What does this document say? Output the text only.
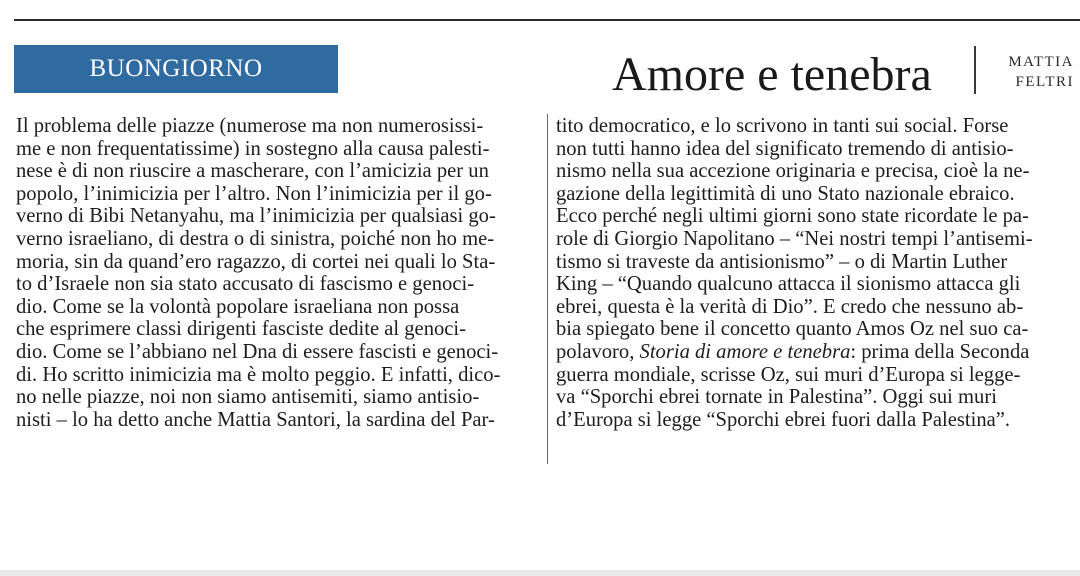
BUONGIORNO	Amore e tenebra	MATTIA
FELTRI
Il problema delle piazze (numerose ma non numerosissi-
me e non frequentatissime) in sostegno alla causa palesti-
nese è di non riuscire a mascherare, con l’amicizia per un
popolo, l’inimicizia per l’altro. Non l’inimicizia per il go-
verno di Bibi Netanyahu, ma l’inimicizia per qualsiasi go-
verno israeliano, di destra o di sinistra, poiché non ho me-
moria, sin da quand’ero ragazzo, di cortei nei quali lo Sta-
to d’Israele non sia stato accusato di fascismo e genoci-
dio. Come se la volontà popolare israeliana non possa
che esprimere classi dirigenti fasciste dedite al genoci-
dio. Come se l’abbiano nel Dna di essere fascisti e genoci-
di. Ho scritto inimicizia ma è molto peggio. E infatti, dico-
no nelle piazze, noi non siamo antisemiti, siamo antisio-
nisti – lo ha detto anche Mattia Santori, la sardina del Par-
tito democratico, e lo scrivono in tanti sui social. Forse
non tutti hanno idea del significato tremendo di antisio-
nismo nella sua accezione originaria e precisa, cioè la ne-
gazione della legittimità di uno Stato nazionale ebraico.
Ecco perché negli ultimi giorni sono state ricordate le pa-
role di Giorgio Napolitano – “Nei nostri tempi l’antisemi-
tismo si traveste da antisionismo” – o di Martin Luther
King – “Quando qualcuno attacca il sionismo attacca gli
ebrei, questa è la verità di Dio”. E credo che nessuno ab-
bia spiegato bene il concetto quanto Amos Oz nel suo ca-
polavoro, Storia di amore e tenebra: prima della Seconda
guerra mondiale, scrisse Oz, sui muri d’Europa si legge-
va “Sporchi ebrei tornate in Palestina”. Oggi sui muri
d’Europa si legge “Sporchi ebrei fuori dalla Palestina”.
